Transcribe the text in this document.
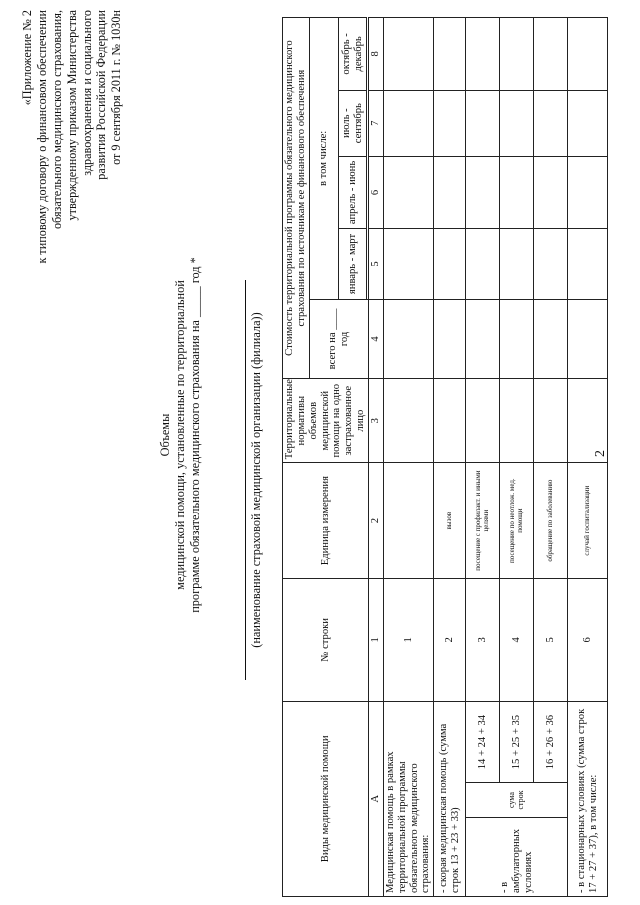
2
«Приложение № 2 к типовому договору о финансовом обеспечении обязательного медицинского страхования, утвержденному приказом Министерства здравоохранения и социального развития Российской Федерации от 9 сентября 2011 г. № 1030н
Объемы медицинской помощи, установленные по территориальной программе обязательного медицинского страхования на _____ год *	(наименование страховой медицинской организации (филиала))
Виды медицинской помощи			№ строки	Единица измерения	Территориальные нормативы объемов медицинской помощи на одно застрахованное лицо	Стоимость территориальной программы обязательного медицинского страхования по источникам ее финансового обеспечения				
						всего на ____ год	в том числе:			
							январь - март	апрель - июнь	июль - сентябрь	октябрь - декабрь

А			1	2	3	4	5	6	7	8
Медицинская помощь в рамках территориальной программы обязательного медицинского страхования:			1							
- скорая медицинская помощь (сумма строк 13 + 23 + 33)			2	вызов						
- в амбулаторных условиях	сума строк	14 + 24 + 34	3	посещение с профилакт. и иными целями						
		15 + 25 + 35	4	посещение по неотлож. мед. помощи						
		16 + 26 + 36	5	обращение по заболеванию						
- в стационарных условиях (сумма строк 17 + 27 + 37), в том числе:			6	случай госпитализации						
